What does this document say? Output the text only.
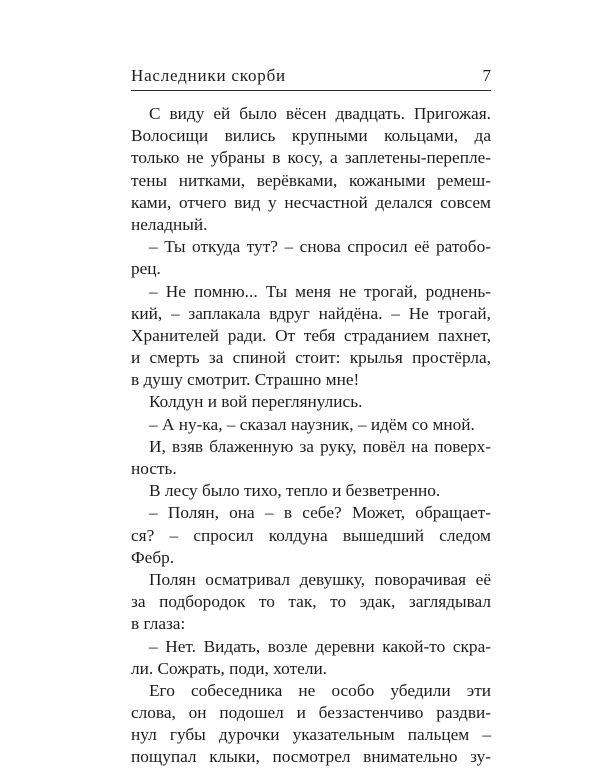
Наследники скорби	7
С виду ей было вёсен двадцать. Пригожая.
Волосищи вились крупными кольцами, да
только не убраны в косу, а заплетены-перепле-
тены нитками, верёвками, кожаными ремеш-
ками, отчего вид у несчастной делался совсем
неладный.
– Ты откуда тут? – снова спросил её ратобо-
рец.
– Не помню... Ты меня не трогай, роднень-
кий, – заплакала вдруг найдёна. – Не трогай,
Хранителей ради. От тебя страданием пахнет,
и смерть за спиной стоит: крылья простёрла,
в душу смотрит. Страшно мне!
Колдун и вой переглянулись.
– А ну-ка, – сказал наузник, – идём со мной.
И, взяв блаженную за руку, повёл на поверх-
ность.
В лесу было тихо, тепло и безветренно.
– Полян, она – в себе? Может, обращает-
ся? – спросил колдуна вышедший следом
Фебр.
Полян осматривал девушку, поворачивая её
за подбородок то так, то эдак, заглядывал
в глаза:
– Нет. Видать, возле деревни какой-то скра-
ли. Сожрать, поди, хотели.
Его собеседника не особо убедили эти
слова, он подошел и беззастенчиво раздви-
нул губы дурочки указательным пальцем –
пощупал клыки, посмотрел внимательно зу-
